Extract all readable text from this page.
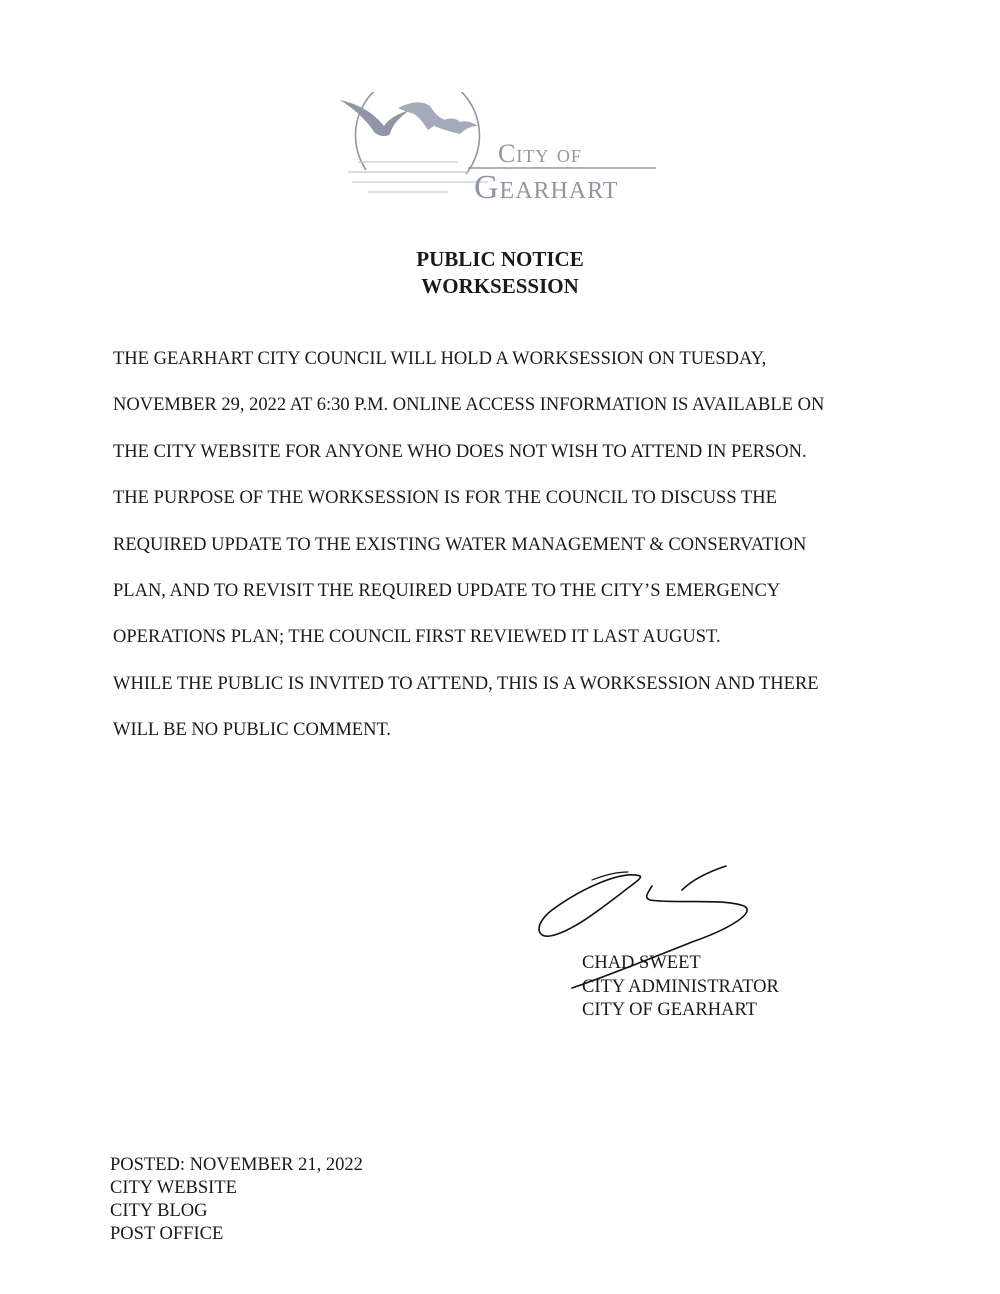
City of
Gearhart
PUBLIC NOTICE
WORKSESSION
THE GEARHART CITY COUNCIL WILL HOLD A WORKSESSION ON TUESDAY,
NOVEMBER 29, 2022 AT 6:30 P.M. ONLINE ACCESS INFORMATION IS AVAILABLE ON
THE CITY WEBSITE FOR ANYONE WHO DOES NOT WISH TO ATTEND IN PERSON.
THE PURPOSE OF THE WORKSESSION IS FOR THE COUNCIL TO DISCUSS THE
REQUIRED UPDATE TO THE EXISTING WATER MANAGEMENT & CONSERVATION
PLAN, AND TO REVISIT THE REQUIRED UPDATE TO THE CITY’S EMERGENCY
OPERATIONS PLAN; THE COUNCIL FIRST REVIEWED IT LAST AUGUST.
WHILE THE PUBLIC IS INVITED TO ATTEND, THIS IS A WORKSESSION AND THERE
WILL BE NO PUBLIC COMMENT.
CHAD SWEET
CITY ADMINISTRATOR
CITY OF GEARHART
POSTED: NOVEMBER 21, 2022
CITY WEBSITE
CITY BLOG
POST OFFICE
